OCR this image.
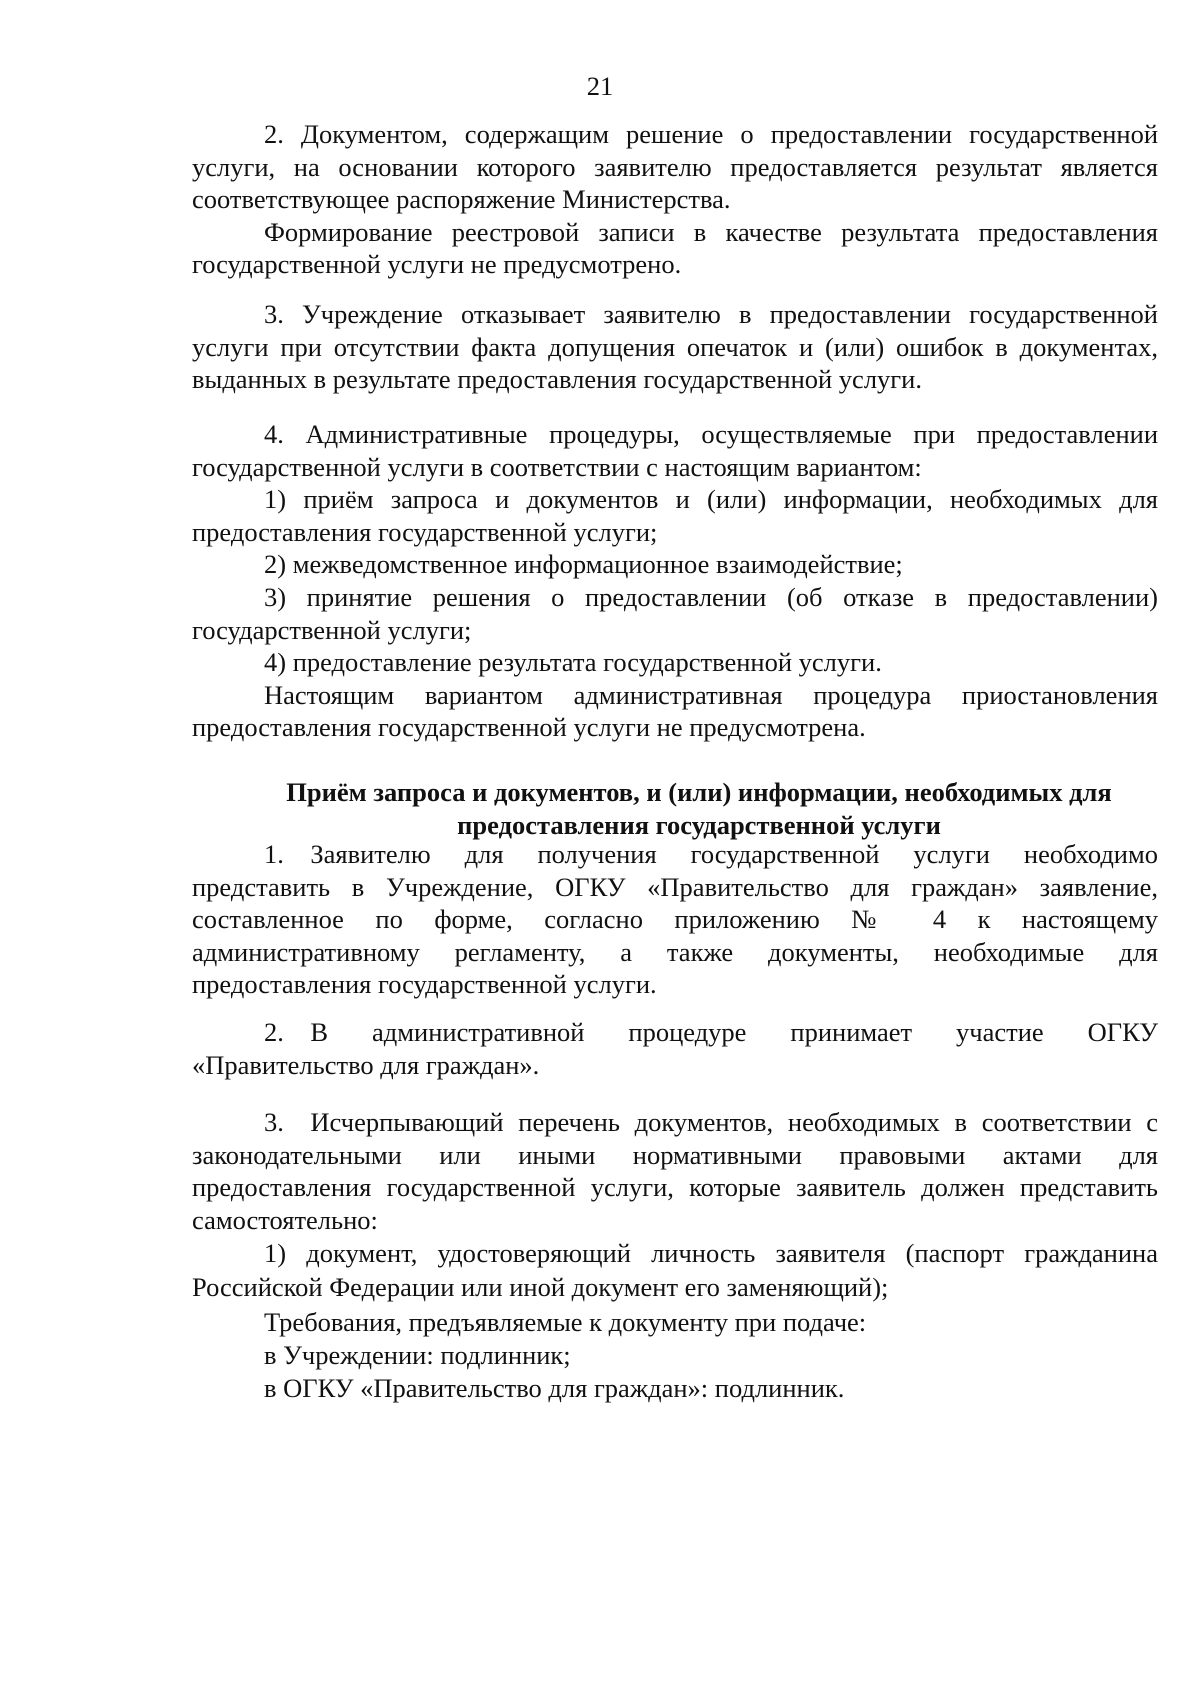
21

2. Документом, содержащим решение о предоставлении государственной услуги, на основании которого заявителю предоставляется результат является соответствующее распоряжение Министерства.

Формирование реестровой записи в качестве результата предоставления государственной услуги не предусмотрено.

3. Учреждение отказывает заявителю в предоставлении государственной услуги при отсутствии факта допущения опечаток и (или) ошибок в документах, выданных в результате предоставления государственной услуги.

4. Административные процедуры, осуществляемые при предоставлении государственной услуги в соответствии с настоящим вариантом:

1) приём запроса и документов и (или) информации, необходимых для предоставления государственной услуги;

2) межведомственное информационное взаимодействие;

3) принятие решения о предоставлении (об отказе в предоставлении) государственной услуги;

4) предоставление результата государственной услуги.

Настоящим вариантом административная процедура приостановления предоставления государственной услуги не предусмотрена.

Приём запроса и документов, и (или) информации, необходимых для предоставления государственной услуги

1. Заявителю для получения государственной услуги необходимо представить в Учреждение, ОГКУ «Правительство для граждан» заявление, составленное по форме, согласно приложению № 4 к настоящему административному регламенту, а также документы, необходимые для предоставления государственной услуги.

2. В административной процедуре принимает участие ОГКУ «Правительство для граждан».

3. Исчерпывающий перечень документов, необходимых в соответствии с законодательными или иными нормативными правовыми актами для предоставления государственной услуги, которые заявитель должен представить самостоятельно:

1) документ, удостоверяющий личность заявителя (паспорт гражданина Российской Федерации или иной документ его заменяющий);

Требования, предъявляемые к документу при подаче:

в Учреждении: подлинник;

в ОГКУ «Правительство для граждан»: подлинник.
